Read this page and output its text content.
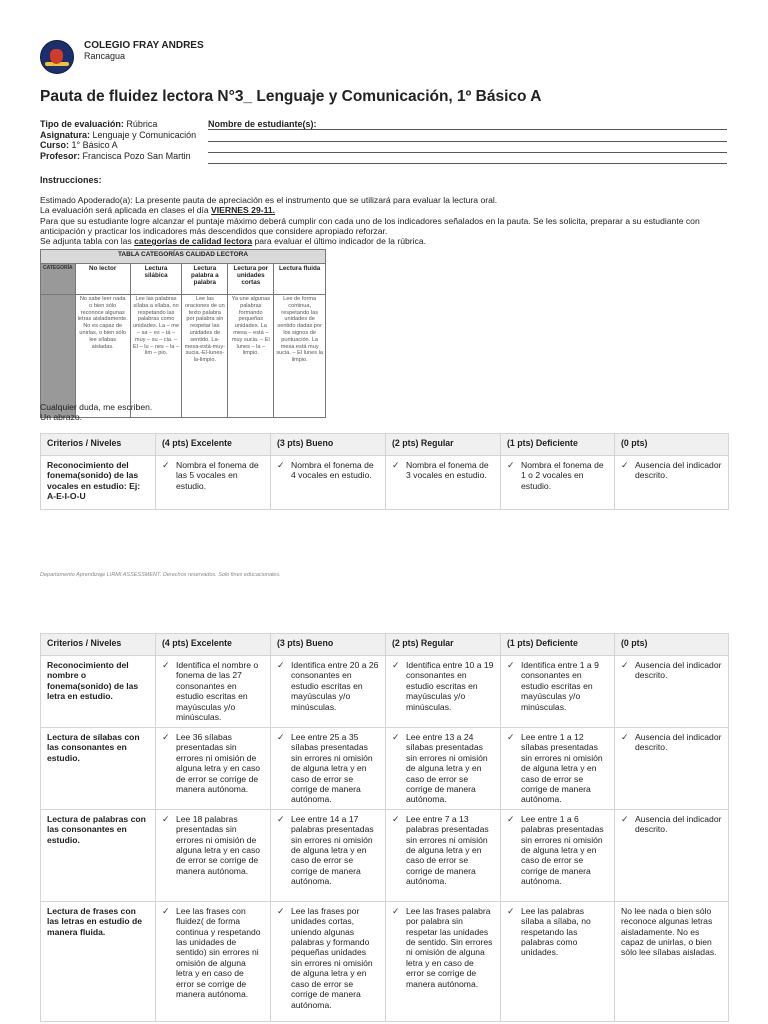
COLEGIO FRAY ANDRES
Rancagua
Pauta de fluidez lectora N°3_ Lenguaje y Comunicación, 1º Básico A
Tipo de evaluación: Rúbrica
Asignatura: Lenguaje y Comunicación
Curso: 1° Básico A
Profesor: Francisca Pozo San Martin
Nombre de estudiante(s):
Instrucciones:
Estimado Apoderado(a): La presente pauta de apreciación es el instrumento que se utilizará para evaluar la lectura oral.
La evaluación será aplicada en clases el día VIERNES 29-11.
Para que su estudiante logre alcanzar el puntaje máximo deberá cumplir con cada uno de los indicadores señalados en la pauta. Se les solicita, preparar a su estudiante con anticipación y practicar los indicadores más descendidos que considere apropiado reforzar.
Se adjunta tabla con las categorías de calidad lectora para evaluar el último indicador de la rúbrica.
TABLA CATEGORÍAS CALIDAD LECTORA					
CATEGORÍA	No lector	Lectura silábica	Lectura palabra a palabra	Lectura por unidades cortas	Lectura fluida
	No sabe leer nada o bien sólo reconoce algunas letras aisladamente. No es capaz de unirlas, o bien sólo lee sílabas aisladas.	Lee las palabras sílaba a sílaba, no respetando las palabras como unidades. La – me – sa – es – tá – muy – su – cia. – El – lu – nes – la – lim – pio.	Lee las oraciones de un texto palabra por palabra sin respetar las unidades de sentido. La-mesa-está-muy-sucia.-El-lunes-la-limpio.	Ya une algunas palabras formando pequeñas unidades. La mesa – está – muy sucia. – El lunes – la – limpio.	Lee de forma continua, respetando las unidades de sentido dadas por los signos de puntuación. La mesa está muy sucia. – El lunes la limpio.
Cualquier duda, me escriben.
Un abrazo.
Criterios / Niveles	(4 pts) Excelente	(3 pts) Bueno	(2 pts) Regular	(1 pts) Deficiente	(0 pts)
Reconocimiento del fonema(sonido) de las vocales en estudio: Ej: A-E-I-O-U	✓ Nombra el fonema de las 5 vocales en estudio.	✓ Nombra el fonema de 4 vocales en estudio.	✓ Nombra el fonema de 3 vocales en estudio.	✓ Nombra el fonema de 1 o 2 vocales en estudio.	✓ Ausencia del indicador descrito.
Departamento Aprendizaje LIRMI ASSESSMENT. Derechos reservados. Solo fines educacionales.
Criterios / Niveles	(4 pts) Excelente	(3 pts) Bueno	(2 pts) Regular	(1 pts) Deficiente	(0 pts)
Reconocimiento del nombre o fonema(sonido) de las letra en estudio.	✓ Identifica el nombre o fonema de las 27 consonantes en estudio escritas en mayúsculas y/o minúsculas.	✓ Identifica entre 20 a 26 consonantes en estudio escritas en mayúsculas y/o minúsculas.	✓ Identifica entre 10 a 19 consonantes en estudio escritas en mayúsculas y/o minúsculas.	✓ Identifica entre 1 a 9 consonantes en estudio escritas en mayúsculas y/o minúsculas.	✓ Ausencia del indicador descrito.

Lectura de sílabas con las consonantes en estudio.	✓ Lee 36 sílabas presentadas sin errores ni omisión de alguna letra y en caso de error se corrige de manera autónoma.	✓ Lee entre 25 a 35 sílabas presentadas sin errores ni omisión de alguna letra y en caso de error se corrige de manera autónoma.	✓ Lee entre 13 a 24 sílabas presentadas sin errores ni omisión de alguna letra y en caso de error se corrige de manera autónoma.	✓ Lee entre 1 a 12 sílabas presentadas sin errores ni omisión de alguna letra y en caso de error se corrige de manera autónoma.	✓ Ausencia del indicador descrito.

Lectura de palabras con las consonantes en estudio.	✓ Lee 18 palabras presentadas sin errores ni omisión de alguna letra y en caso de error se corrige de manera autónoma.	✓ Lee entre 14 a 17 palabras presentadas sin errores ni omisión de alguna letra y en caso de error se corrige de manera autónoma.	✓ Lee entre 7 a 13 palabras presentadas sin errores ni omisión de alguna letra y en caso de error se corrige de manera autónoma.	✓ Lee entre 1 a 6 palabras presentadas sin errores ni omisión de alguna letra y en caso de error se corrige de manera autónoma.	✓ Ausencia del indicador descrito.

Lectura de frases con las letras en estudio de manera fluida.	✓ Lee las frases con fluidez( de forma continua y respetando las unidades de sentido) sin errores ni omisión de alguna letra y en caso de error se corrige de manera autónoma.	✓ Lee las frases por unidades cortas, uniendo algunas palabras y formando pequeñas unidades sin errores ni omisión de alguna letra y en caso de error se corrige de manera autónoma.	✓ Lee las frases palabra por palabra sin respetar las unidades de sentido. Sin errores ni omisión de alguna letra y en caso de error se corrige de manera autónoma.	✓ Lee las palabras sílaba a sílaba, no respetando las palabras como unidades.	No lee nada o bien sólo reconoce algunas letras aisladamente. No es capaz de unirlas, o bien sólo lee sílabas aisladas.
